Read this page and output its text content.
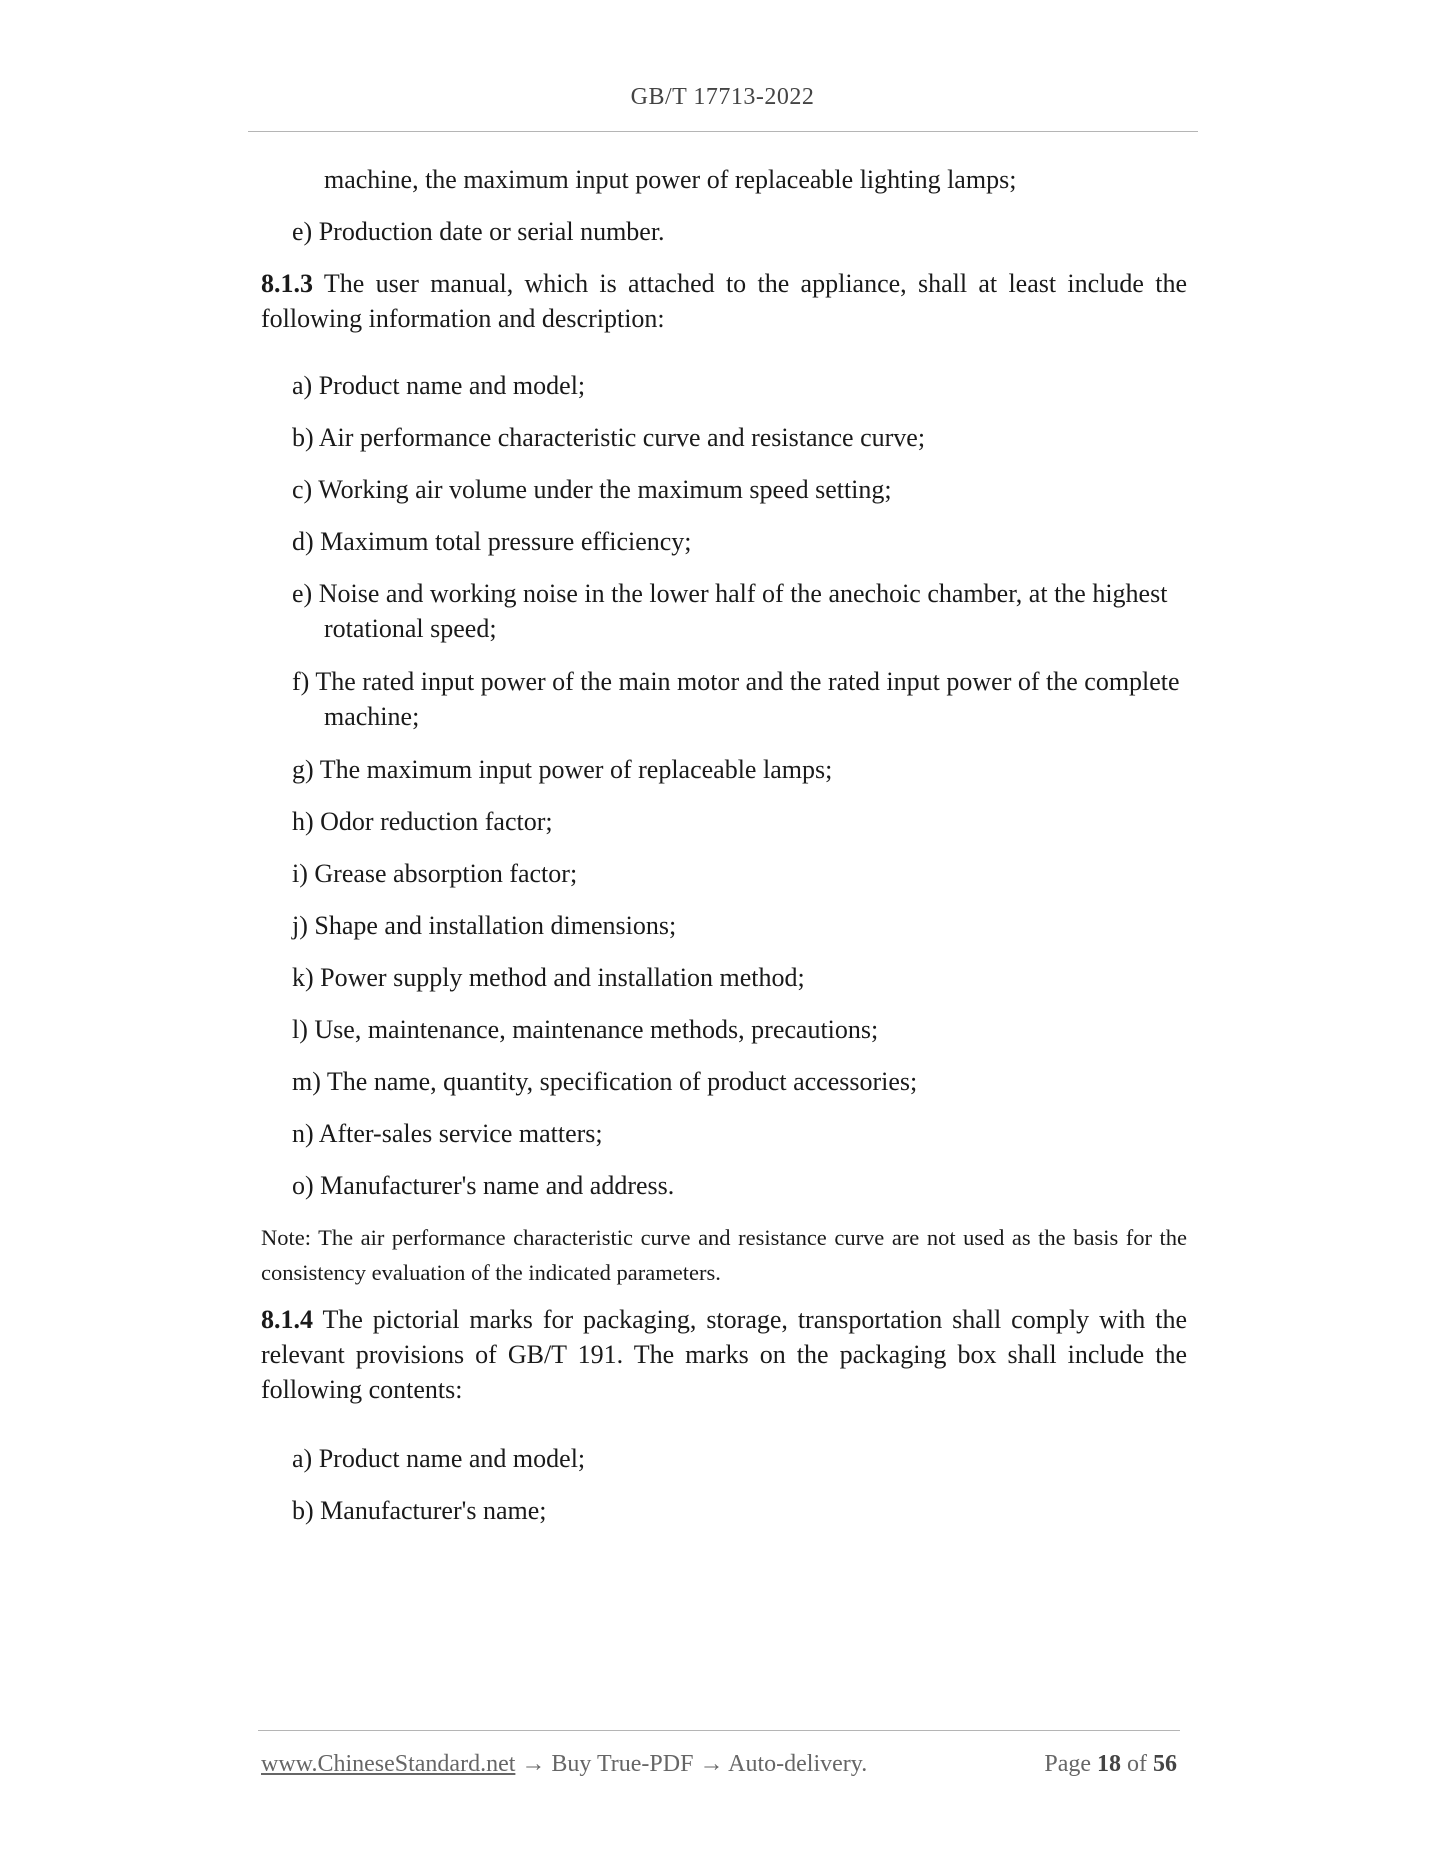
GB/T 17713-2022
machine, the maximum input power of replaceable lighting lamps;
e) Production date or serial number.
8.1.3 The user manual, which is attached to the appliance, shall at least include the following information and description:
a) Product name and model;
b) Air performance characteristic curve and resistance curve;
c) Working air volume under the maximum speed setting;
d) Maximum total pressure efficiency;
e) Noise and working noise in the lower half of the anechoic chamber, at the highest rotational speed;
f) The rated input power of the main motor and the rated input power of the complete machine;
g) The maximum input power of replaceable lamps;
h) Odor reduction factor;
i) Grease absorption factor;
j) Shape and installation dimensions;
k) Power supply method and installation method;
l) Use, maintenance, maintenance methods, precautions;
m) The name, quantity, specification of product accessories;
n) After-sales service matters;
o) Manufacturer's name and address.
Note: The air performance characteristic curve and resistance curve are not used as the basis for the consistency evaluation of the indicated parameters.
8.1.4 The pictorial marks for packaging, storage, transportation shall comply with the relevant provisions of GB/T 191. The marks on the packaging box shall include the following contents:
a) Product name and model;
b) Manufacturer's name;
www.ChineseStandard.net → Buy True-PDF → Auto-delivery.	Page 18 of 56
